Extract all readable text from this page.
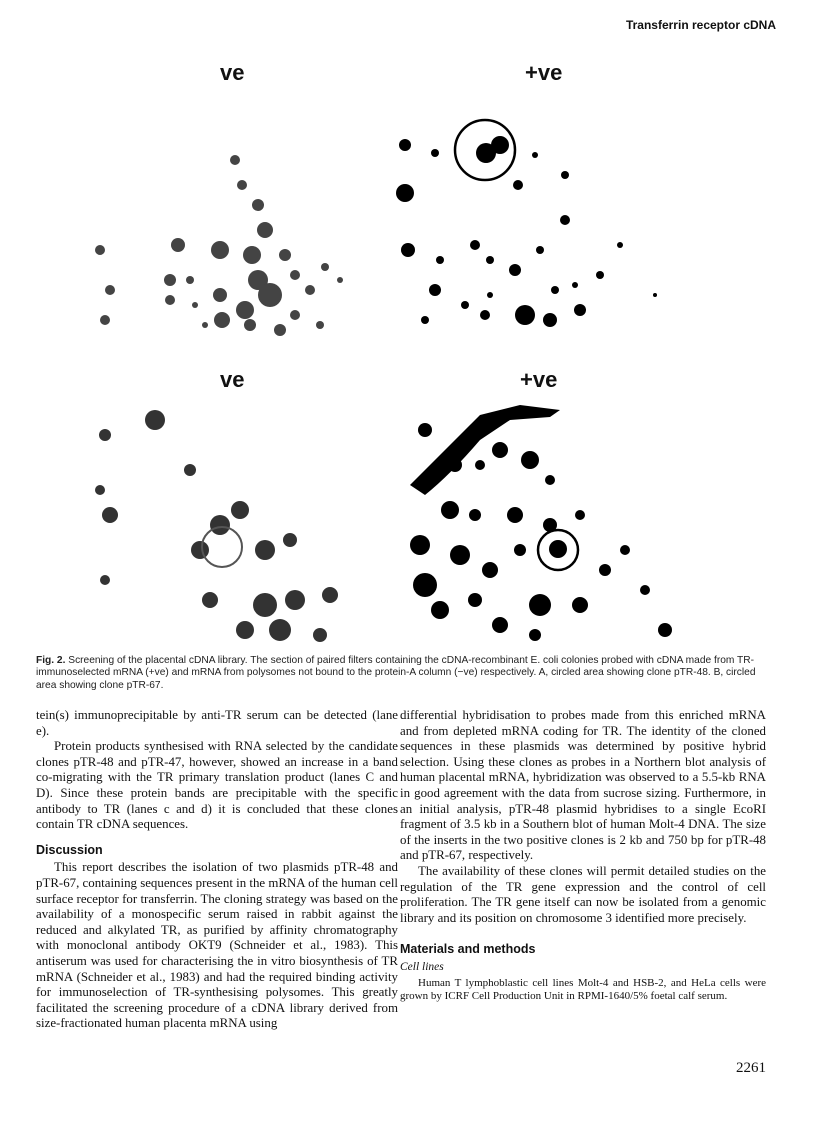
Transferrin receptor cDNA
ve	+ve
ve	+ve
Fig. 2. Screening of the placental cDNA library. The section of paired filters containing the cDNA-recombinant E. coli colonies probed with cDNA made from TR-immunoselected mRNA (+ve) and mRNA from polysomes not bound to the protein-A column (−ve) respectively. A, circled area showing clone pTR-48. B, circled area showing clone pTR-67.

tein(s) immunoprecipitable by anti-TR serum can be detected (lane e).

Protein products synthesised with RNA selected by the candidate clones pTR-48 and pTR-47, however, showed an increase in a band co-migrating with the TR primary translation product (lanes C and D). Since these protein bands are precipitable with the specific antibody to TR (lanes c and d) it is concluded that these clones contain TR cDNA sequences.

Discussion

This report describes the isolation of two plasmids pTR-48 and pTR-67, containing sequences present in the mRNA of the human cell surface receptor for transferrin. The cloning strategy was based on the availability of a monospecific serum raised in rabbit against the reduced and alkylated TR, as purified by affinity chromatography with monoclonal antibody OKT9 (Schneider et al., 1983). This antiserum was used for characterising the in vitro biosynthesis of TR mRNA (Schneider et al., 1983) and had the required binding activity for immunoselection of TR-synthesising polysomes. This greatly facilitated the screening procedure of a cDNA library derived from size-fractionated human placenta mRNA using

differential hybridisation to probes made from this enriched mRNA and from depleted mRNA coding for TR. The identity of the cloned sequences in these plasmids was determined by positive hybrid selection. Using these clones as probes in a Northern blot analysis of human placental mRNA, hybridization was observed to a 5.5-kb RNA in good agreement with the data from sucrose sizing. Furthermore, in an initial analysis, pTR-48 plasmid hybridises to a single EcoRI fragment of 3.5 kb in a Southern blot of human Molt-4 DNA. The size of the inserts in the two positive clones is 2 kb and 750 bp for pTR-48 and pTR-67, respectively.

The availability of these clones will permit detailed studies on the regulation of the TR gene expression and the control of cell proliferation. The TR gene itself can now be isolated from a genomic library and its position on chromosome 3 identified more precisely.

Materials and methods
Cell lines

Human T lymphoblastic cell lines Molt-4 and HSB-2, and HeLa cells were grown by ICRF Cell Production Unit in RPMI-1640/5% foetal calf serum.

2261
